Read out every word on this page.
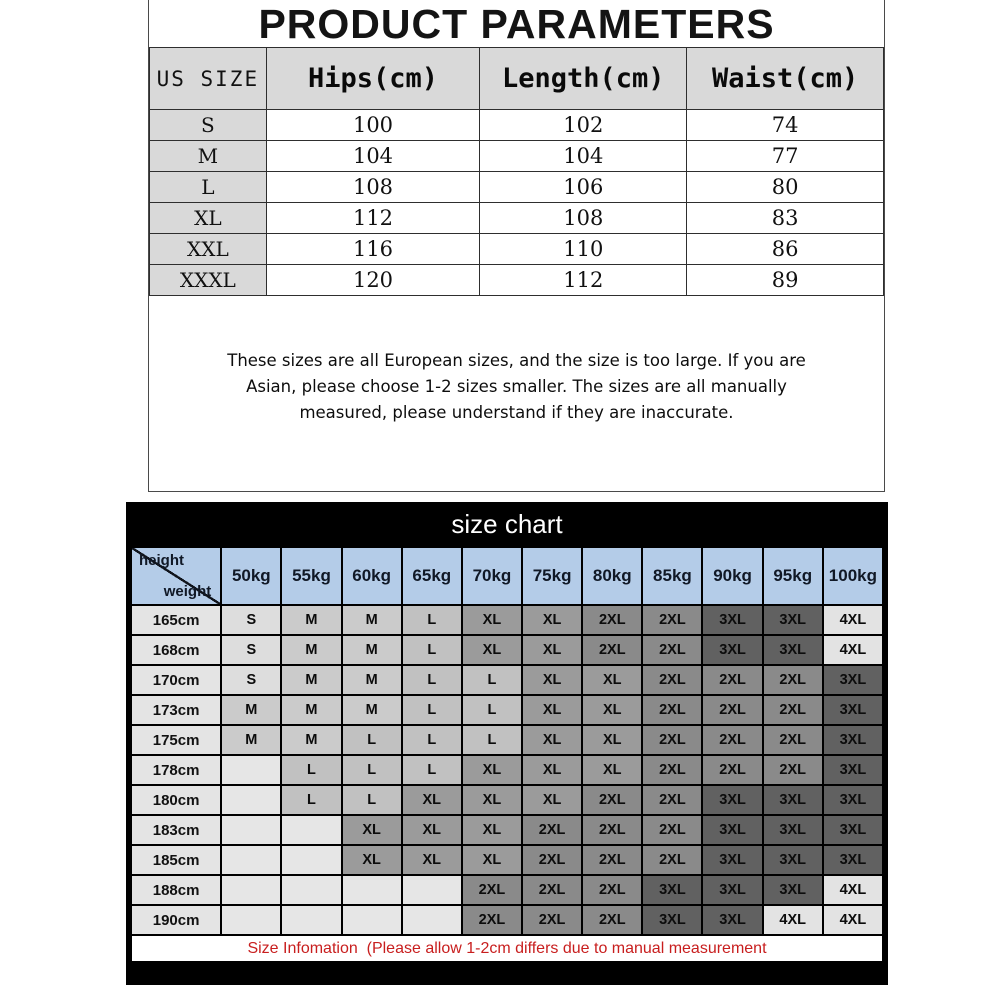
PRODUCT PARAMETERS
US SIZE	Hips(cm)	Length(cm)	Waist(cm)
S	100	102	74
M	104	104	77
L	108	106	80
XL	112	108	83
XXL	116	110	86
XXXL	120	112	89
These sizes are all European sizes, and the size is too large. If you are
Asian, please choose 1-2 sizes smaller. The sizes are all manually
measured, please understand if they are inaccurate.
size chart
height
weight	50kg	55kg	60kg	65kg	70kg	75kg	80kg	85kg	90kg	95kg	100kg
165cm	S	M	M	L	XL	XL	2XL	2XL	3XL	3XL	4XL
168cm	S	M	M	L	XL	XL	2XL	2XL	3XL	3XL	4XL
170cm	S	M	M	L	L	XL	XL	2XL	2XL	2XL	3XL
173cm	M	M	M	L	L	XL	XL	2XL	2XL	2XL	3XL
175cm	M	M	L	L	L	XL	XL	2XL	2XL	2XL	3XL
178cm		L	L	L	XL	XL	XL	2XL	2XL	2XL	3XL
180cm		L	L	XL	XL	XL	2XL	2XL	3XL	3XL	3XL
183cm			XL	XL	XL	2XL	2XL	2XL	3XL	3XL	3XL
185cm			XL	XL	XL	2XL	2XL	2XL	3XL	3XL	3XL
188cm					2XL	2XL	2XL	3XL	3XL	3XL	4XL
190cm					2XL	2XL	2XL	3XL	3XL	4XL	4XL
Size Infomation  (Please allow 1-2cm differs due to manual measurement											
